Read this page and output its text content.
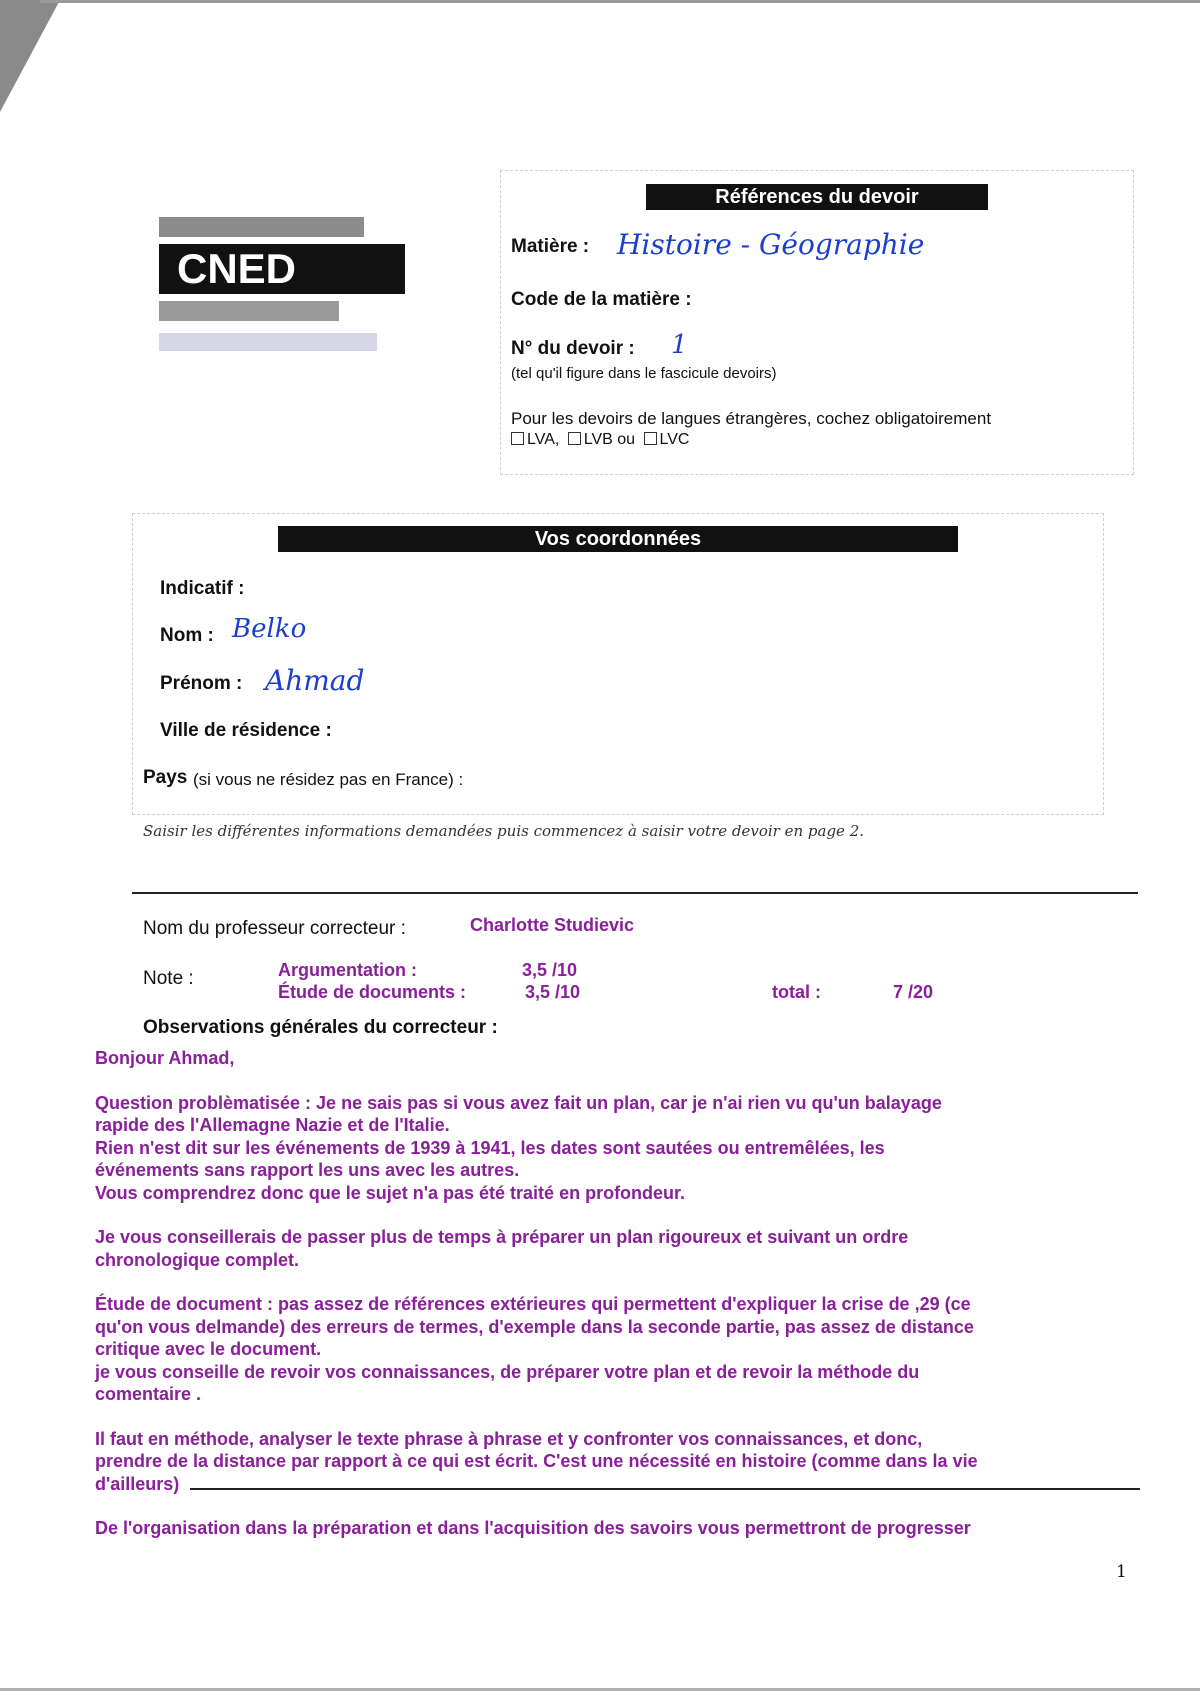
CNED
Références du devoir
Matière : Histoire - Géographie
Code de la matière :
N° du devoir : 1
(tel qu'il figure dans le fascicule devoirs)
Pour les devoirs de langues étrangères, cochez obligatoirement
LVA, LVB ou LVC
Vos coordonnées
Indicatif :
Nom : Belko
Prénom : Ahmad
Ville de résidence :
Pays (si vous ne résidez pas en France) :
Saisir les différentes informations demandées puis commencez à saisir votre devoir en page 2.
Nom du professeur correcteur :	Charlotte Studievic
Note :	Argumentation :	3,5 /10
Étude de documents :	3,5 /10	total :	7 /20
Observations générales du correcteur :

Bonjour Ahmad,

Question problèmatisée : Je ne sais pas si vous avez fait un plan, car je n'ai rien vu qu'un balayage
rapide des l'Allemagne Nazie et de l'Italie.
Rien n'est dit sur les événements de 1939 à 1941, les dates sont sautées ou entremêlées, les
événements sans rapport les uns avec les autres.
Vous comprendrez donc que le sujet n'a pas été traité en profondeur.

Je vous conseillerais de passer plus de temps à préparer un plan rigoureux et suivant un ordre
chronologique complet.

Étude de document : pas assez de références extérieures qui permettent d'expliquer la crise de ,29 (ce
qu'on vous delmande) des erreurs de termes, d'exemple dans la seconde partie, pas assez de distance
critique avec le document.
je vous conseille de revoir vos connaissances, de préparer votre plan et de revoir la méthode du
comentaire .

Il faut en méthode, analyser le texte phrase à phrase et y confronter vos connaissances, et donc,
prendre de la distance par rapport à ce qui est écrit. C'est une nécessité en histoire (comme dans la vie
d'ailleurs)

De l'organisation dans la préparation et dans l'acquisition des savoirs vous permettront de progresser

1
